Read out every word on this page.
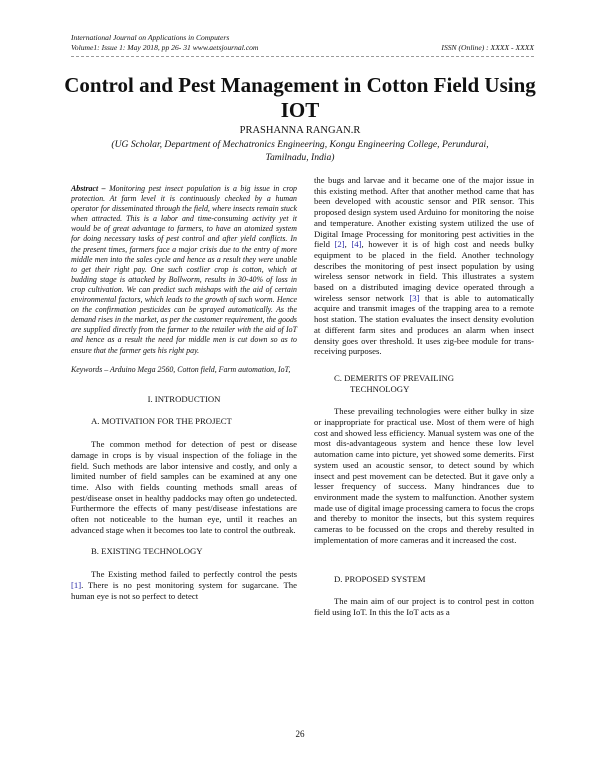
International Journal on Applications in Computers
Volume1: Issue 1: May 2018, pp 26- 31 www.aetsjournal.com	ISSN (Online) : XXXX - XXXX
Control and Pest Management in Cotton Field Using IOT
PRASHANNA RANGAN.R
(UG Scholar, Department of Mechatronics Engineering, Kongu Engineering College, Perundurai, Tamilnadu, India)

Abstract – Monitoring pest insect population is a big issue in crop protection. At farm level it is continuously checked by a human operator for disseminated through the field, where insects remain stuck when attracted. This is a labor and time-consuming activity yet it would be of great advantage to farmers, to have an atomized system for doing necessary tasks of pest control and after yield conflicts. In the present times, farmers face a major crisis due to the entry of more middle men into the sales cycle and hence as a result they were unable to get their right pay. One such costlier crop is cotton, which at budding stage is attacked by Bollworm, results in 30-40% of loss in crop cultivation. We can predict such mishaps with the aid of certain environmental factors, which leads to the growth of such worm. Hence on the confirmation pesticides can be sprayed automatically. As the demand rises in the market, as per the customer requirement, the goods are supplied directly from the farmer to the retailer with the aid of IoT and hence as a result the need for middle men is cut down so as to ensure that the farmer gets his right pay.

Keywords – Arduino Mega 2560, Cotton field, Farm automation, IoT,

I. INTRODUCTION
A. MOTIVATION FOR THE PROJECT

The common method for detection of pest or disease damage in crops is by visual inspection of the foliage in the field. Such methods are labor intensive and costly, and only a limited number of field samples can be examined at any one time. Also with fields counting methods small areas of pest/disease onset in healthy paddocks may often go undetected. Furthermore the effects of many pest/disease infestations are often not noticeable to the human eye, until it reaches an advanced stage when it becomes too late to control the outbreak.

B. EXISTING TECHNOLOGY

The Existing method failed to perfectly control the pests [1]. There is no pest monitoring system for sugarcane. The human eye is not so perfect to detect

the bugs and larvae and it became one of the major issue in this existing method. After that another method came that has been developed with acoustic sensor and PIR sensor. This proposed design system used Arduino for monitoring the noise and temperature. Another existing system utilized the use of Digital Image Processing for monitoring pest activities in the field [2], [4], however it is of high cost and needs bulky equipment to be placed in the field. Another technology describes the monitoring of pest insect population by using wireless sensor network in field. This illustrates a system based on a distributed imaging device operated through a wireless sensor network [3] that is able to automatically acquire and transmit images of the trapping area to a remote host station. The station evaluates the insect density evolution at different farm sites and produces an alarm when insect density goes over threshold. It uses zig-bee module for trans-receiving purposes.

C. DEMERITS OF PREVAILING TECHNOLOGY

These prevailing technologies were either bulky in size or inappropriate for practical use. Most of them were of high cost and showed less efficiency. Manual system was one of the most dis-advantageous system and hence these low level automation came into picture, yet showed some demerits. First system used an acoustic sensor, to detect sound by which insect and pest movement can be detected. But it gave only a lesser frequency of success. Many hindrances due to environment made the system to malfunction. Another system made use of digital image processing camera to focus the crops and thereby to monitor the insects, but this system requires cameras to be focussed on the crops and thereby resulted in implementation of more cameras and it increased the cost.

D. PROPOSED SYSTEM

The main aim of our project is to control pest in cotton field using IoT. In this the IoT acts as a

26
